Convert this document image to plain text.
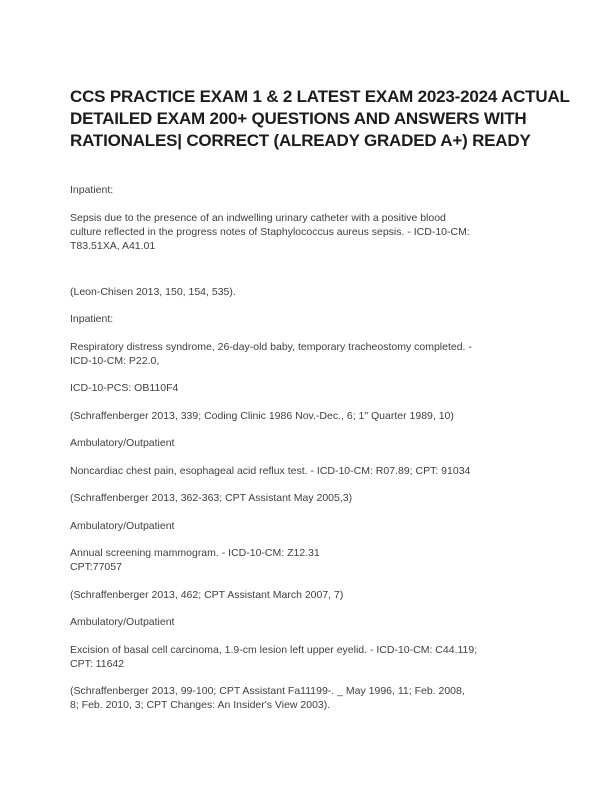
CCS PRACTICE EXAM 1 & 2 LATEST EXAM 2023-2024 ACTUAL
DETAILED EXAM 200+ QUESTIONS AND ANSWERS WITH
RATIONALES| CORRECT (ALREADY GRADED A+) READY

Inpatient:

Sepsis due to the presence of an indwelling urinary catheter with a positive blood
culture reflected in the progress notes of Staphylococcus aureus sepsis. - ICD-10-CM:
T83.51XA, A41.01

(Leon-Chisen 2013, 150, 154, 535).

Inpatient:

Respiratory distress syndrome, 26-day-old baby, temporary tracheostomy completed. -
ICD-10-CM: P22.0,

ICD-10-PCS: OB110F4

(Schraffenberger 2013, 339; Coding Clinic 1986 Nov.-Dec., 6; 1" Quarter 1989, 10)

Ambulatory/Outpatient

Noncardiac chest pain, esophageal acid reflux test. - ICD-10-CM: R07.89; CPT: 91034

(Schraffenberger 2013, 362-363; CPT Assistant May 2005,3)

Ambulatory/Outpatient

Annual screening mammogram. - ICD-10-CM: Z12.31
CPT:77057

(Schraffenberger 2013, 462; CPT Assistant March 2007, 7)

Ambulatory/Outpatient

Excision of basal cell carcinoma, 1.9-cm lesion left upper eyelid. - ICD-10-CM: C44.119;
CPT: 11642

(Schraffenberger 2013, 99-100; CPT Assistant Fa11199-. _ May 1996, 11; Feb. 2008,
8; Feb. 2010, 3; CPT Changes: An Insider's View 2003).
